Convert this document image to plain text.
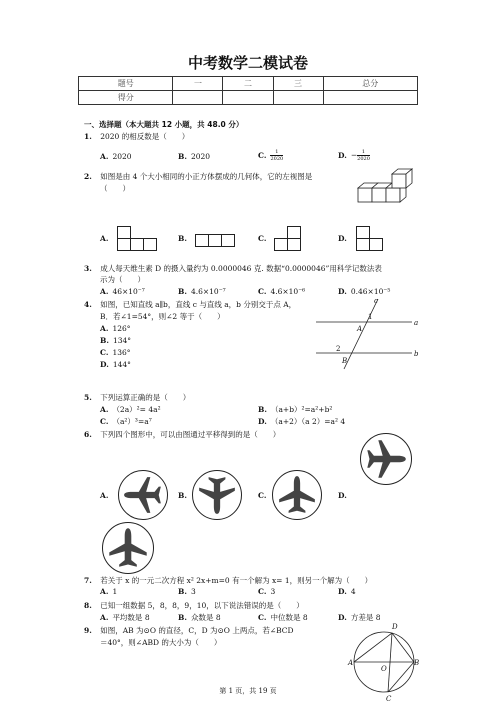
中考数学二模试卷
题号	一	二	三	总分
得分				
一、选择题（本大题共 12 小题，共 48.0 分）
1. 2020 的相反数是（　　）
A. 2020	B. 2020	C. $\frac{1}{2020}$	D. − $\frac{1}{2020}$
2. 如图是由 4 个大小相同的小正方体摆成的几何体，它的左视图是
（　　）
A.	B.	C.	D.
3. 成人每天维生素 D 的摄入量约为 0.0000046 克. 数据“0.0000046”用科学记数法表
示为（　　）
A. 46×10⁻⁷	B. 4.6×10⁻⁷	C. 4.6×10⁻⁶	D. 0.46×10⁻⁵
4. 如图，已知直线 a∥b，直线 c 与直线 a，b 分别交于点 A，
B．若∠1=54°，则∠2 等于（　　）
A. 126°
B. 134°
C. 136°
D. 144°
c
a
b
A
B
1
2
5. 下列运算正确的是（　　）
A. （2a）²= 4a²	B. （a+b）²=a²+b²
C. （a²）³=a⁷	D. （a+2）（a 2）=a² 4
6. 下列四个图形中，可以由图通过平移得到的是（　　）
A.	B.	C.	D.
7. 若关于 x 的一元二次方程 x² 2x+m=0 有一个解为 x= 1，则另一个解为（　　）
A. 1	B. 3	C. 3	D. 4
8. 已知一组数据 5，8，8，9，10，以下说法错误的是（　　）
A. 平均数是 8	B. 众数是 8	C. 中位数是 8	D. 方差是 8
9. 如图，AB 为⊙O 的直径，C，D 为⊙O 上两点，若∠BCD
＝40°，则∠ABD 的大小为（　　）
D
A	B
O
C
第 1 页，共 19 页
